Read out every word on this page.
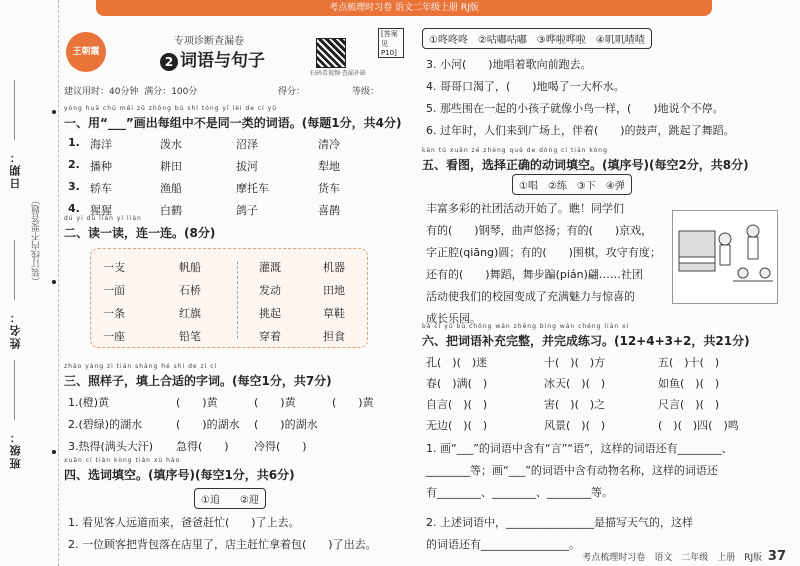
考点梳理时习卷 语文二年级上册 RJ版
日期：
（装订线内不要答题）
姓名：
班级：
王朝霞
专项诊断查漏卷
2 词语与句子
扫码看视频·查漏补缺
[答案见P10]
建议用时：40分钟 满分：100分	得分：	等级：
yòng huà chū měi zǔ zhōng bù shì tóng yī lèi de cí yǔ
一、用“___”画出每组中不是同一类的词语。(每题1分，共4分)
dú yi dú lián yi lián
二、读一读，连一连。(8分)
一支
一面
一条
一座
帆船
石桥
红旗
铅笔
灌溉
发动
挑起
穿着
机器
田地
草鞋
担食
zhào yàng zi tián shàng hé shì de zì cí
三、照样子，填上合适的字词。(每空1分，共7分)
xuǎn cí tián kòng tián xù hào
四、选词填空。(填序号)(每空1分，共6分)
①追　　②迎
1. 看见客人远道而来，爸爸赶忙(　　)了上去。
2. 一位顾客把背包落在店里了，店主赶忙拿着包(　　)了出去。
1. 海洋	泼水	沼泽	清冷
2. 播种	耕田	拔河	犁地
3. 轿车	渔船	摩托车	货车
4. 猩猩	白鹤	鸽子	喜鹊
1.(橙)黄	(　　)黄	(　　)黄	(　　)黄
2.(碧绿)的湖水	(　　)的湖水 (　　)的湖水
3.热得(满头大汗) 急得(　　) 冷得(　　)
①咚咚咚　②咕嘟咕嘟　③哗啦哗啦　④叽叽喳喳
3. 小河(　　)地唱着歌向前跑去。
4. 哥哥口渴了，(　　)地喝了一大杯水。
5. 那些围在一起的小孩子就像小鸟一样，(　　)地说个不停。
6. 过年时，人们来到广场上，伴着(　　)的鼓声，跳起了舞蹈。
kàn tú xuǎn zé zhèng què de dòng cí tián kòng
五、看图，选择正确的动词填空。(填序号)(每空2分，共8分)
①唱　②练　③下　④弹
bǎ cí yǔ bǔ chōng wán zhěng bìng wán chéng liàn xí
六、把词语补充完整，并完成练习。(12+4+3+2，共21分)
1. 画“___”的词语中含有“言”“语”，这样的词语还有________、
________等；画“___”的词语中含有动物名称，这样的词语还
有________、________、________等。
2. 上述词语中，________________是描写天气的，这样
的词语还有________________。
考点梳理时习卷　语文　二年级　上册　RJ版 37
丰富多彩的社团活动开始了。瞧！同学们
有的(　　)钢琴，曲声悠扬；有的(　　)京戏，
字正腔(qiāng)圆；有的(　　)围棋，攻守有度；
还有的(　　)舞蹈，舞步蹁(pián)翩……社团
活动使我们的校园变成了充满魅力与惊喜的
成长乐园。
孔(　)(　)迷	十(　)(　)方	五(　)十(　)
春(　)满(　)	冰天(　)(　)	如鱼(　)(　)
自言(　)(　)	害(　)(　)之	尺言(　)(　)
无边(　)(　)	风景(　)(　)	(　)(　)四(　)鸣
